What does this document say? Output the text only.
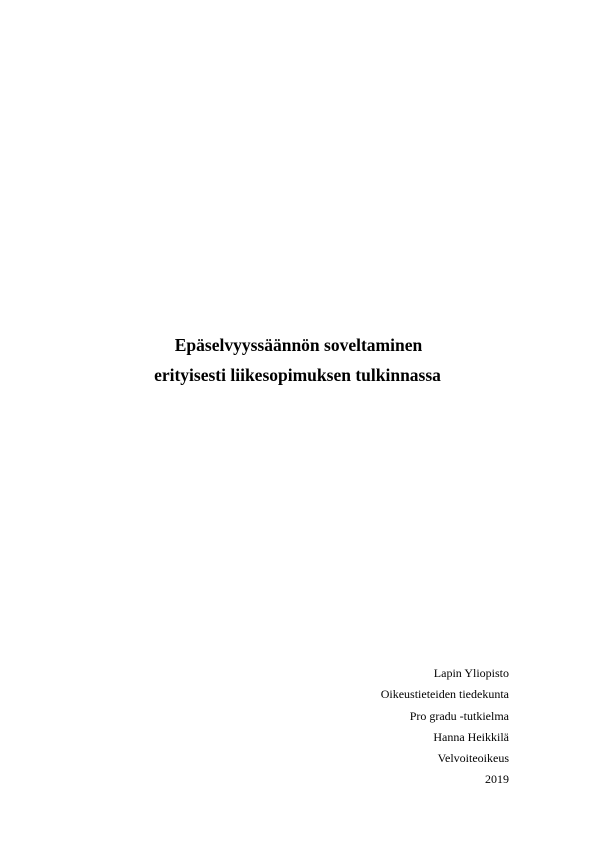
Epäselvyyssäännön soveltaminen
erityisesti liikesopimuksen tulkinnassa
Lapin Yliopisto
Oikeustieteiden tiedekunta
Pro gradu -tutkielma
Hanna Heikkilä
Velvoiteoikeus
2019
